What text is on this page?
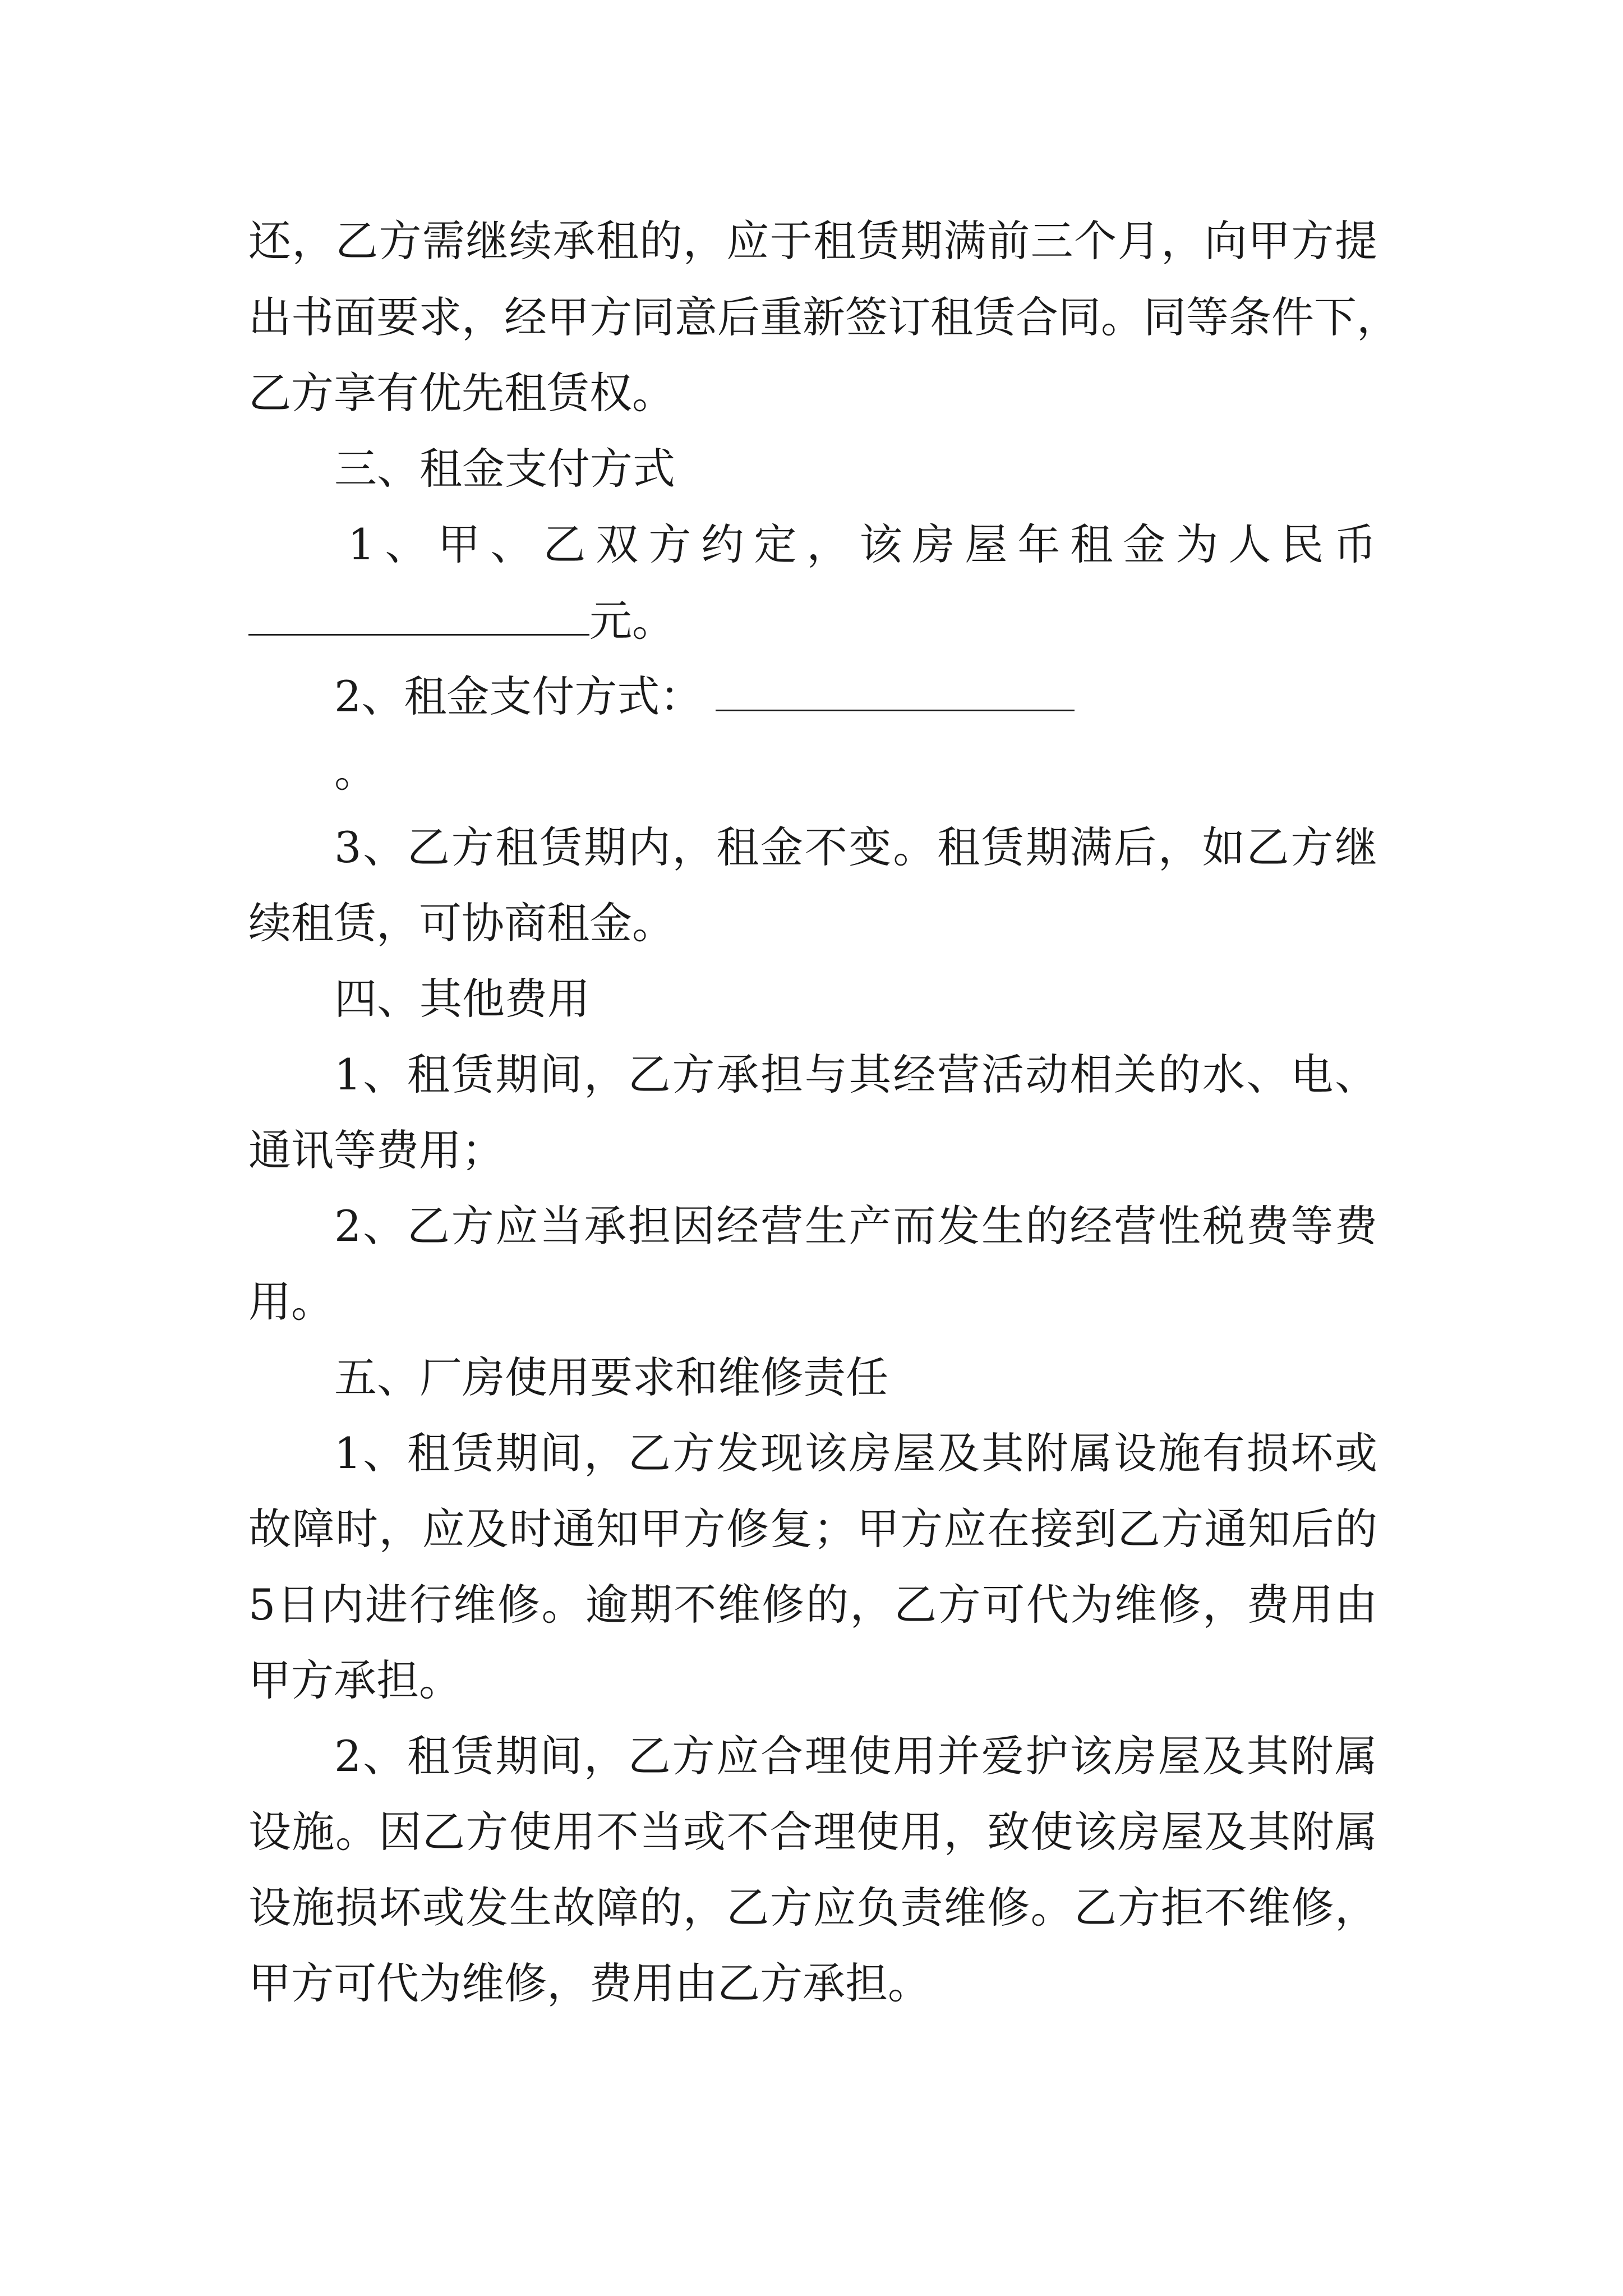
还，乙方需继续承租的，应于租赁期满前三个月，向甲方提
出书面要求，经甲方同意后重新签订租赁合同。同等条件下，
乙方享有优先租赁权。
三、租金支付方式
1、甲、乙双方约定，该房屋年租金为人民币
元。
2、租金支付方式：
。
3、乙方租赁期内，租金不变。租赁期满后，如乙方继
续租赁，可协商租金。
四、其他费用
1、租赁期间，乙方承担与其经营活动相关的水、电、
通讯等费用；
2、乙方应当承担因经营生产而发生的经营性税费等费
用。
五、厂房使用要求和维修责任
1、租赁期间，乙方发现该房屋及其附属设施有损坏或
故障时，应及时通知甲方修复；甲方应在接到乙方通知后的
5日内进行维修。逾期不维修的，乙方可代为维修，费用由
甲方承担。
2、租赁期间，乙方应合理使用并爱护该房屋及其附属
设施。因乙方使用不当或不合理使用，致使该房屋及其附属
设施损坏或发生故障的，乙方应负责维修。乙方拒不维修，
甲方可代为维修，费用由乙方承担。
